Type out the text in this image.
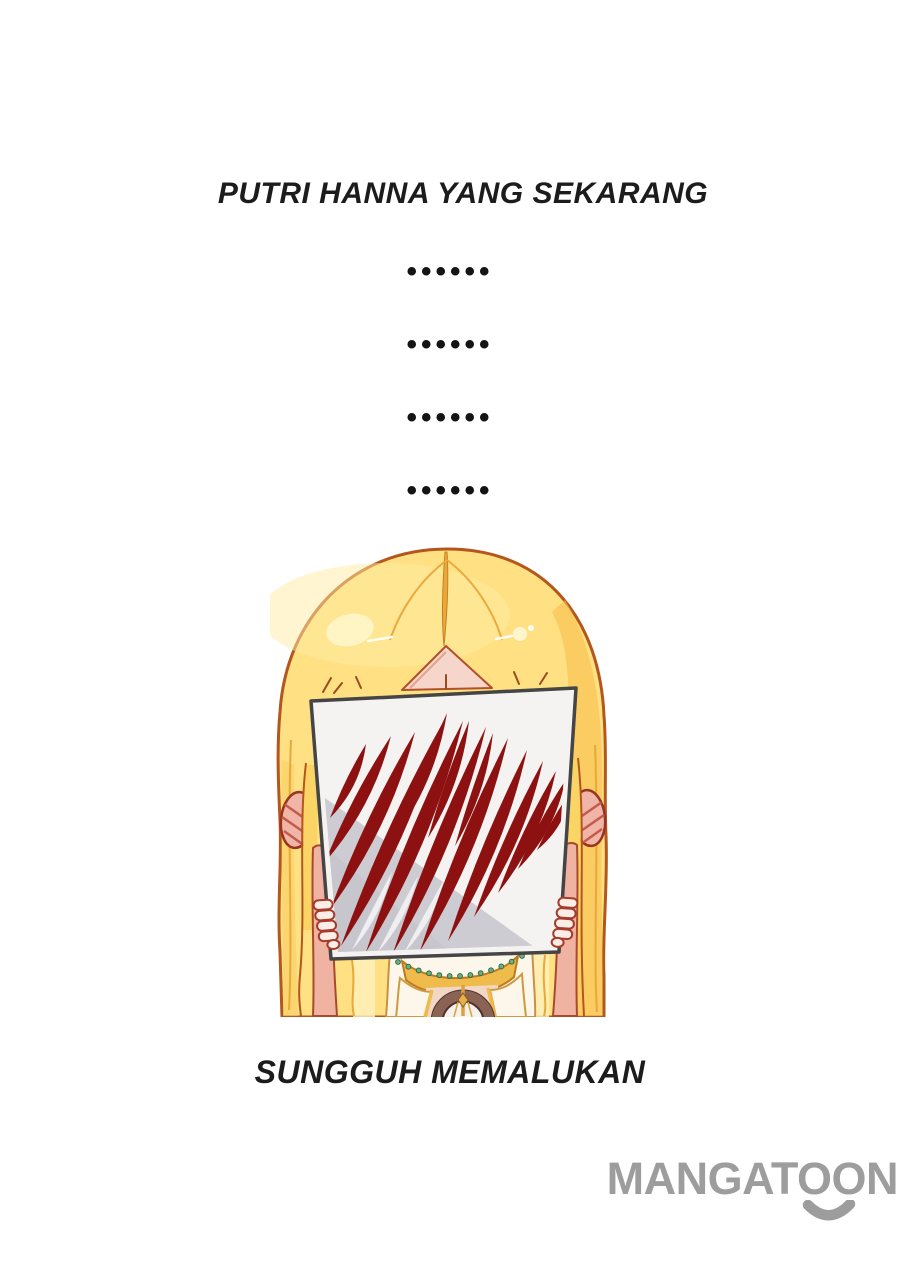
PUTRI HANNA YANG SEKARANG
••••••
••••••
••••••
••••••
SUNGGUH MEMALUKAN
MANGATOON
